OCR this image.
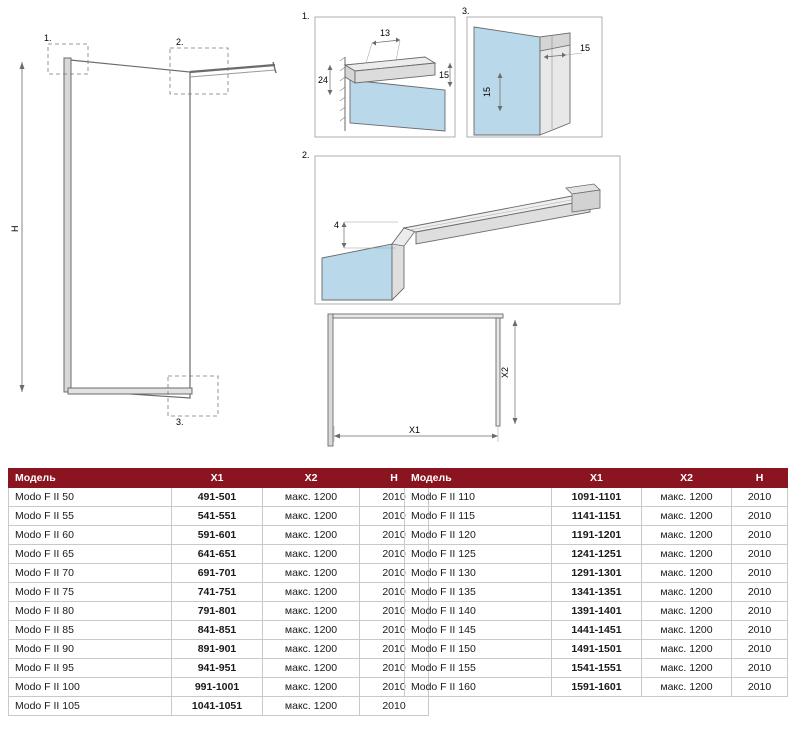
1.	2.
3.
H
1.
13
24	15
3.
15
15
2.
4
X2
X1
Модель	X1	X2	H
Modo F II 50	491-501	макс. 1200	2010
Modo F II 55	541-551	макс. 1200	2010
Modo F II 60	591-601	макс. 1200	2010
Modo F II 65	641-651	макс. 1200	2010
Modo F II 70	691-701	макс. 1200	2010
Modo F II 75	741-751	макс. 1200	2010
Modo F II 80	791-801	макс. 1200	2010
Modo F II 85	841-851	макс. 1200	2010
Modo F II 90	891-901	макс. 1200	2010
Modo F II 95	941-951	макс. 1200	2010
Modo F II 100	991-1001	макс. 1200	2010
Modo F II 105	1041-1051	макс. 1200	2010
Модель	X1	X2	H
Modo F II 110	1091-1101	макс. 1200	2010
Modo F II 115	1141-1151	макс. 1200	2010
Modo F II 120	1191-1201	макс. 1200	2010
Modo F II 125	1241-1251	макс. 1200	2010
Modo F II 130	1291-1301	макс. 1200	2010
Modo F II 135	1341-1351	макс. 1200	2010
Modo F II 140	1391-1401	макс. 1200	2010
Modo F II 145	1441-1451	макс. 1200	2010
Modo F II 150	1491-1501	макс. 1200	2010
Modo F II 155	1541-1551	макс. 1200	2010
Modo F II 160	1591-1601	макс. 1200	2010
